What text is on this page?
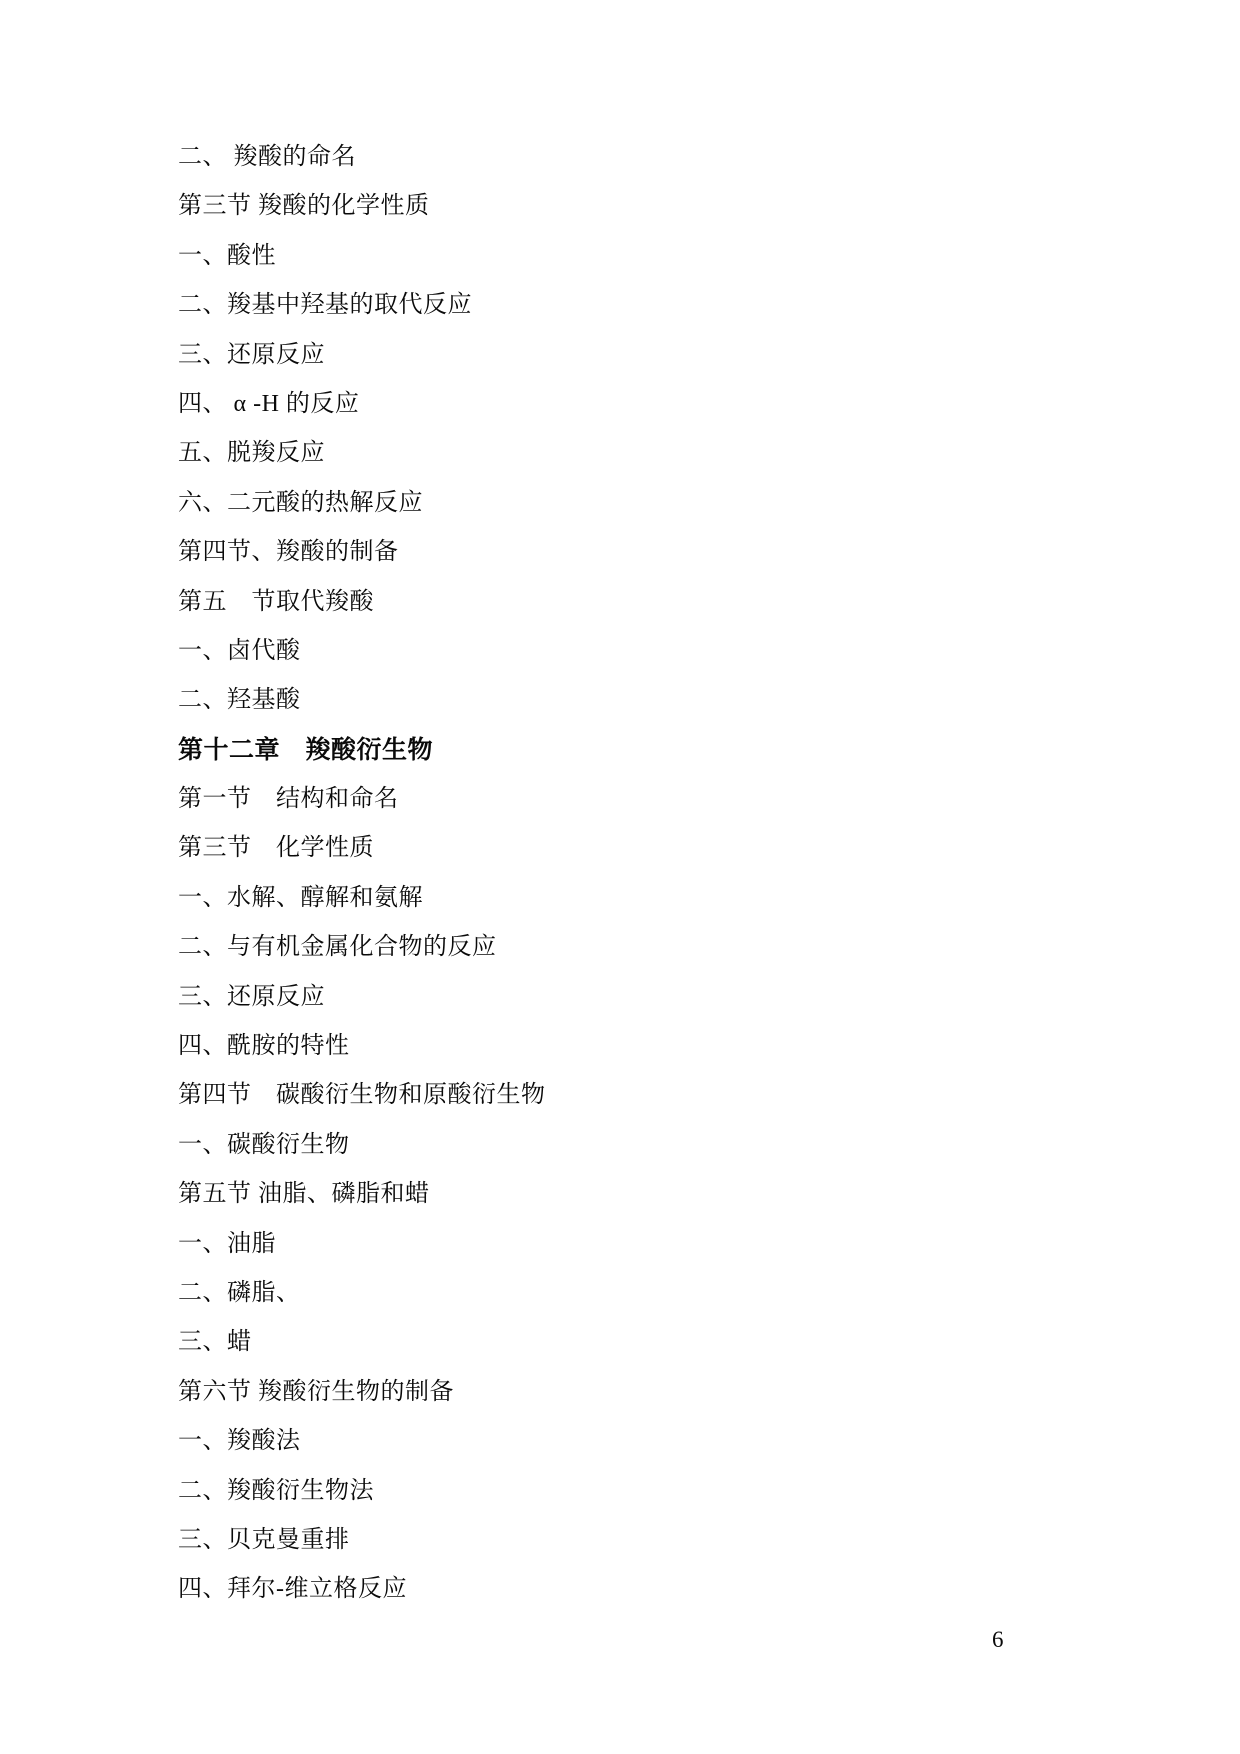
二、 羧酸的命名
第三节 羧酸的化学性质
一、酸性
二、羧基中羟基的取代反应
三、还原反应
四、 α -H 的反应
五、脱羧反应
六、二元酸的热解反应
第四节、羧酸的制备
第五　节取代羧酸
一、卤代酸
二、羟基酸
第十二章　羧酸衍生物
第一节　结构和命名
第三节　化学性质
一、水解、醇解和氨解
二、与有机金属化合物的反应
三、还原反应
四、酰胺的特性
第四节　碳酸衍生物和原酸衍生物
一、碳酸衍生物
第五节 油脂、磷脂和蜡
一、油脂
二、磷脂、
三、蜡
第六节 羧酸衍生物的制备
一、羧酸法
二、羧酸衍生物法
三、贝克曼重排
四、拜尔-维立格反应
6
